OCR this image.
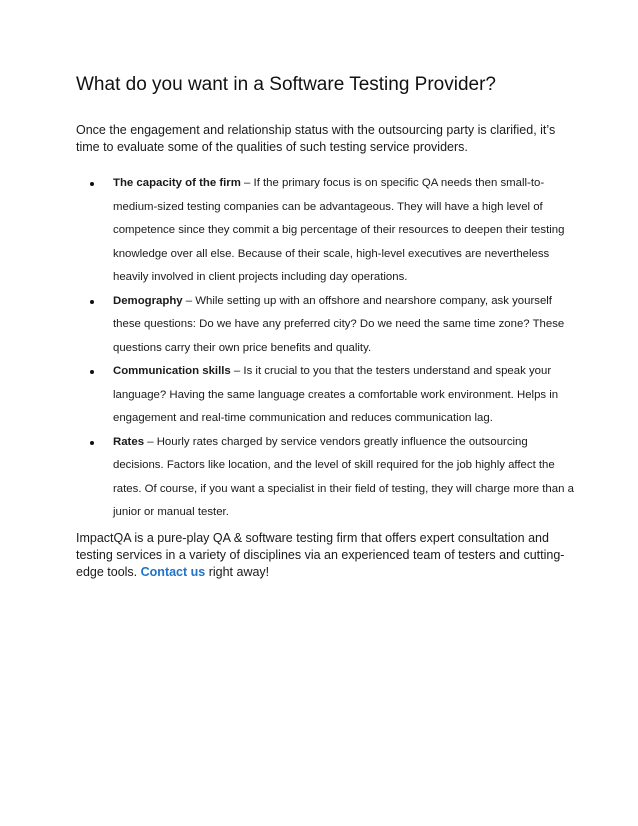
What do you want in a Software Testing Provider?

Once the engagement and relationship status with the outsourcing party is clarified, it’s time to evaluate some of the qualities of such testing service providers.

The capacity of the firm – If the primary focus is on specific QA needs then small-to-medium-sized testing companies can be advantageous. They will have a high level of competence since they commit a big percentage of their resources to deepen their testing knowledge over all else. Because of their scale, high-level executives are nevertheless heavily involved in client projects including day operations.
Demography – While setting up with an offshore and nearshore company, ask yourself these questions: Do we have any preferred city? Do we need the same time zone? These questions carry their own price benefits and quality.
Communication skills – Is it crucial to you that the testers understand and speak your language? Having the same language creates a comfortable work environment. Helps in engagement and real-time communication and reduces communication lag.
Rates – Hourly rates charged by service vendors greatly influence the outsourcing decisions. Factors like location, and the level of skill required for the job highly affect the rates. Of course, if you want a specialist in their field of testing, they will charge more than a junior or manual tester.

ImpactQA is a pure-play QA & software testing firm that offers expert consultation and testing services in a variety of disciplines via an experienced team of testers and cutting-edge tools. Contact us right away!
